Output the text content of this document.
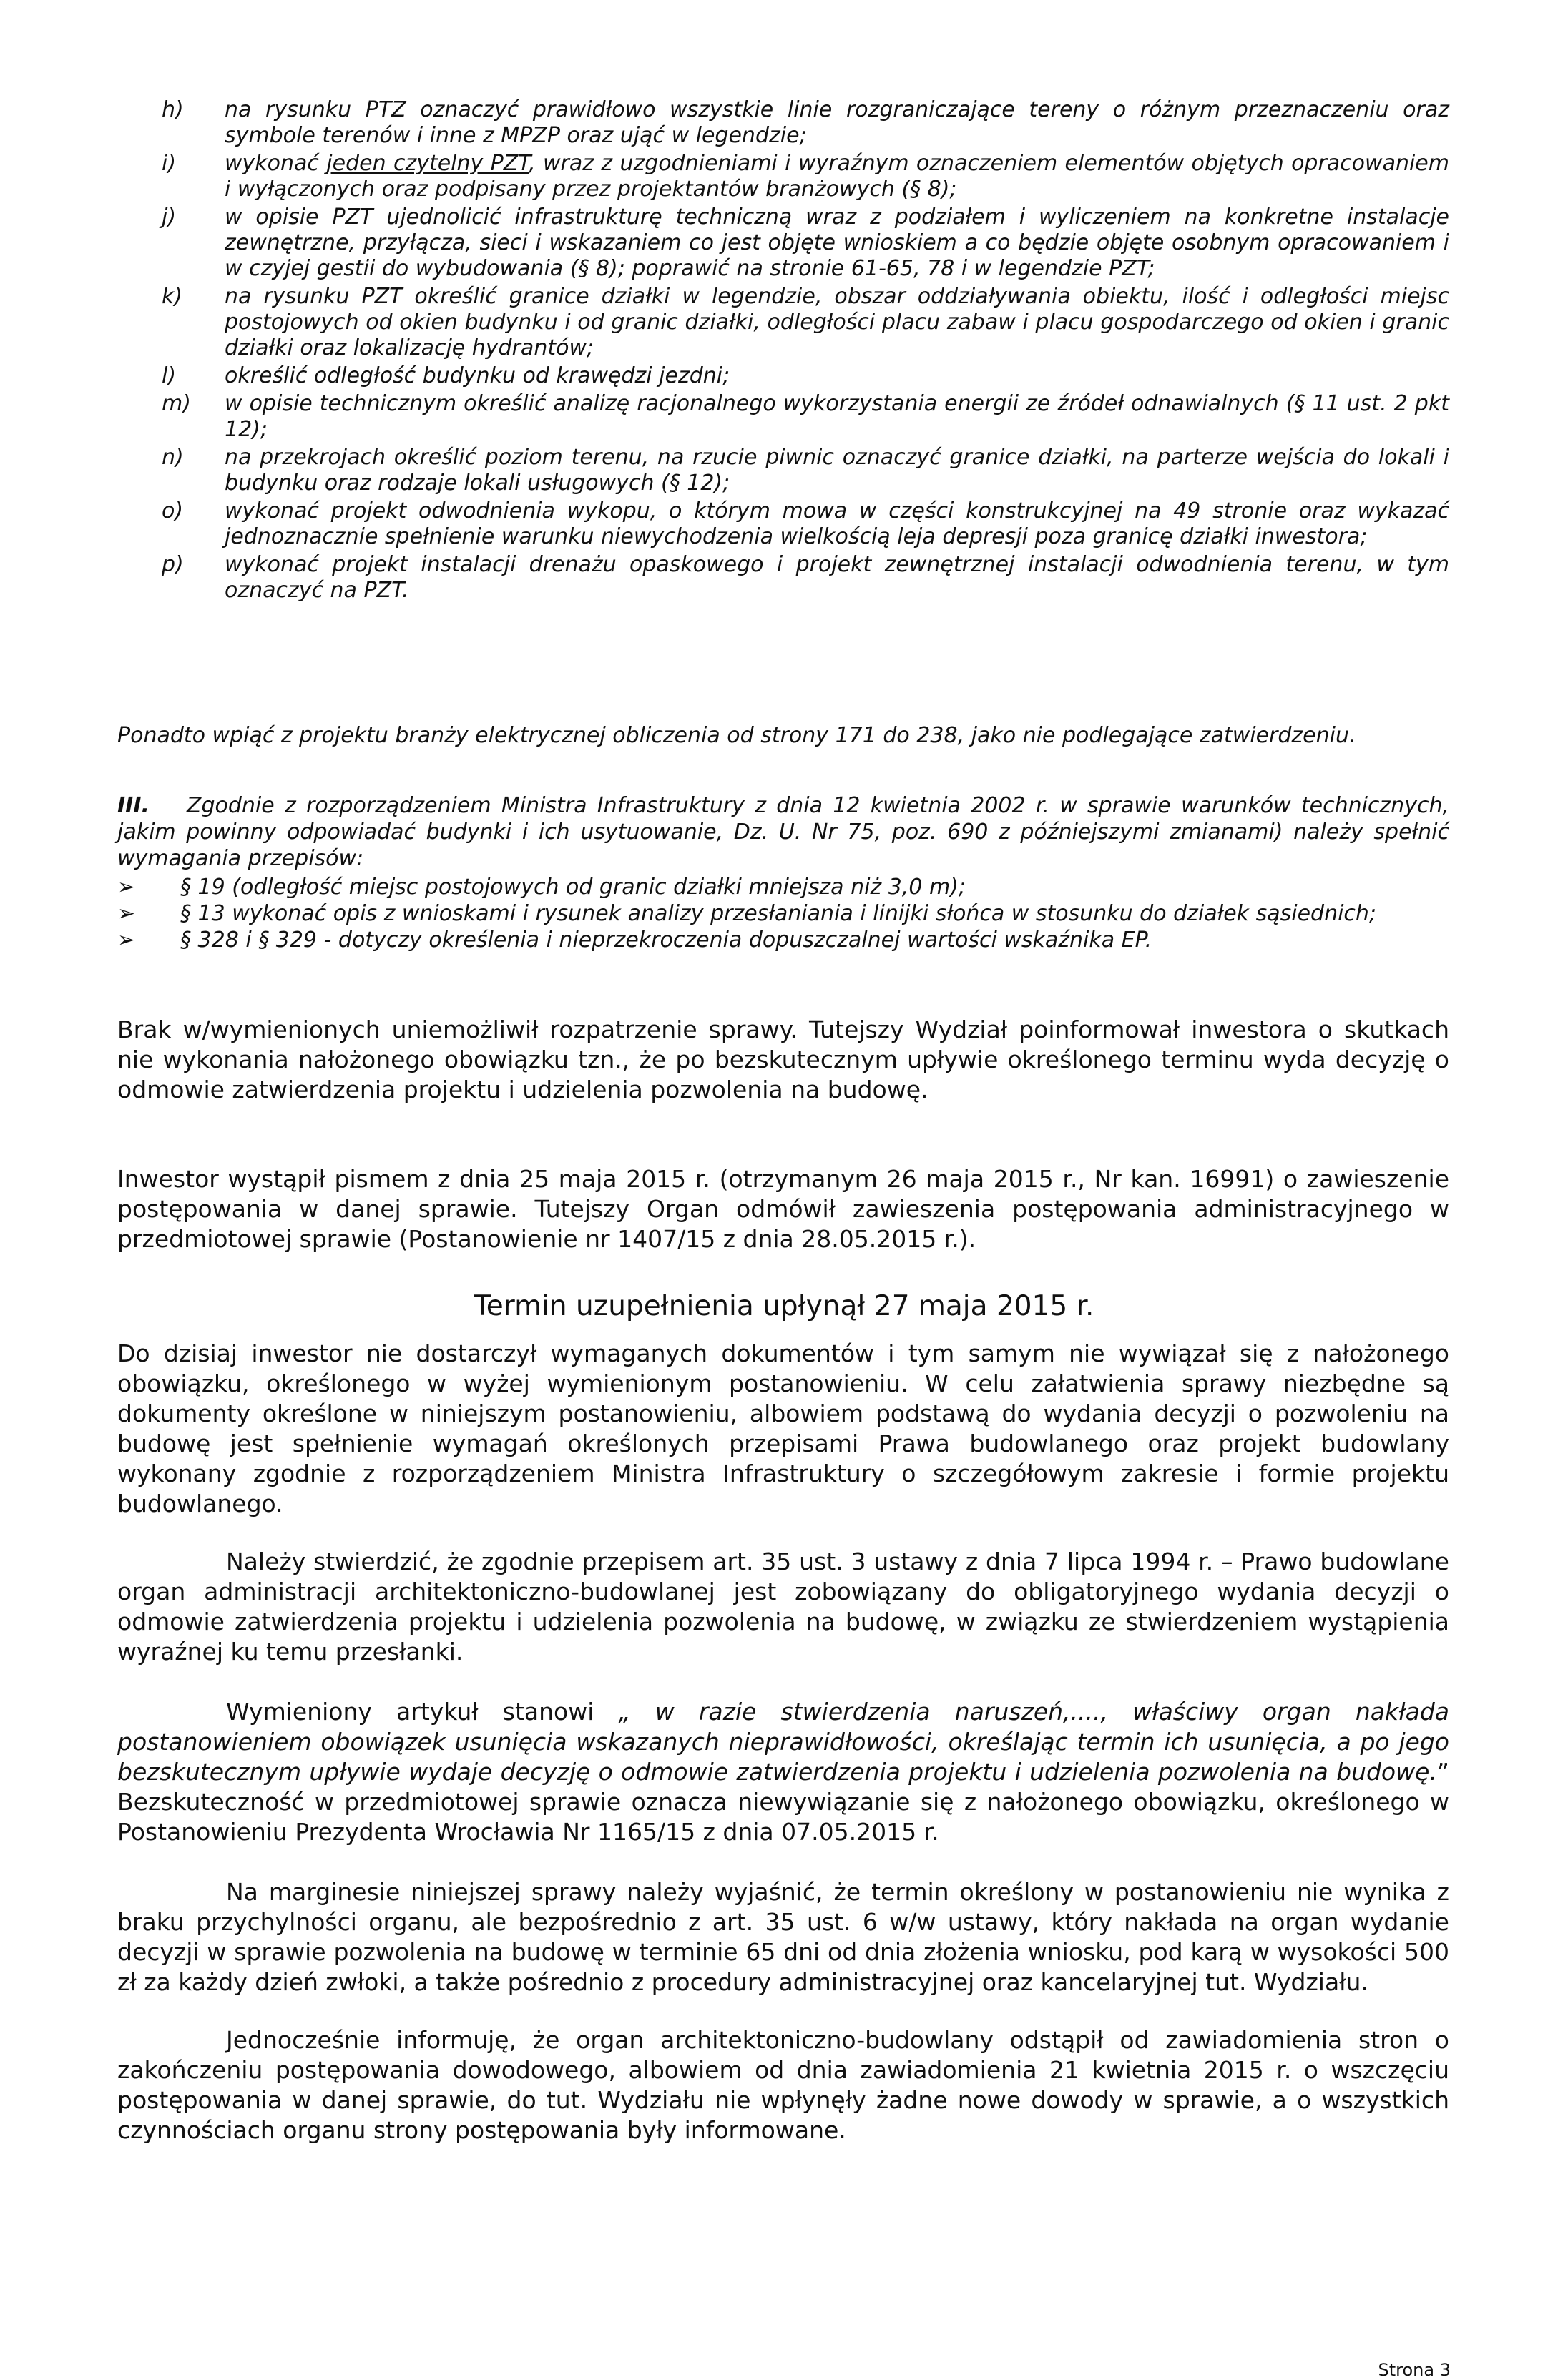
h) na rysunku PTZ oznaczyć prawidłowo wszystkie linie rozgraniczające tereny o różnym przeznaczeniu oraz symbole terenów i inne z MPZP oraz ująć w legendzie;
i) wykonać jeden czytelny PZT, wraz z uzgodnieniami i wyraźnym oznaczeniem elementów objętych opracowaniem i wyłączonych oraz podpisany przez projektantów branżowych (§ 8);
j) w opisie PZT ujednolicić infrastrukturę techniczną wraz z podziałem i wyliczeniem na konkretne instalacje zewnętrzne, przyłącza, sieci i wskazaniem co jest objęte wnioskiem a co będzie objęte osobnym opracowaniem i w czyjej gestii do wybudowania (§ 8); poprawić na stronie 61-65, 78 i w legendzie PZT;
k) na rysunku PZT określić granice działki w legendzie, obszar oddziaływania obiektu, ilość i odległości miejsc postojowych od okien budynku i od granic działki, odległości placu zabaw i placu gospodarczego od okien i granic działki oraz lokalizację hydrantów;
l) określić odległość budynku od krawędzi jezdni;
m) w opisie technicznym określić analizę racjonalnego wykorzystania energii ze źródeł odnawialnych (§ 11 ust. 2 pkt 12);
n) na przekrojach określić poziom terenu, na rzucie piwnic oznaczyć granice działki, na parterze wejścia do lokali i budynku oraz rodzaje lokali usługowych (§ 12);
o) wykonać projekt odwodnienia wykopu, o którym mowa w części konstrukcyjnej na 49 stronie oraz wykazać jednoznacznie spełnienie warunku niewychodzenia wielkością leja depresji poza granicę działki inwestora;
p) wykonać projekt instalacji drenażu opaskowego i projekt zewnętrznej instalacji odwodnienia terenu, w tym oznaczyć na PZT.
Ponadto wpiąć z projektu branży elektrycznej obliczenia od strony 171 do 238, jako nie podlegające zatwierdzeniu.
III. Zgodnie z rozporządzeniem Ministra Infrastruktury z dnia 12 kwietnia 2002 r. w sprawie warunków technicznych, jakim powinny odpowiadać budynki i ich usytuowanie, Dz. U. Nr 75, poz. 690 z późniejszymi zmianami) należy spełnić wymagania przepisów:
➢ § 19 (odległość miejsc postojowych od granic działki mniejsza niż 3,0 m);
➢ § 13 wykonać opis z wnioskami i rysunek analizy przesłaniania i linijki słońca w stosunku do działek sąsiednich;
➢ § 328 i § 329 - dotyczy określenia i nieprzekroczenia dopuszczalnej wartości wskaźnika EP.
Brak w/wymienionych uniemożliwił rozpatrzenie sprawy. Tutejszy Wydział poinformował inwestora o skutkach nie wykonania nałożonego obowiązku tzn., że po bezskutecznym upływie określonego terminu wyda decyzję o odmowie zatwierdzenia projektu i udzielenia pozwolenia na budowę.
Inwestor wystąpił pismem z dnia 25 maja 2015 r. (otrzymanym 26 maja 2015 r., Nr kan. 16991) o zawieszenie postępowania w danej sprawie. Tutejszy Organ odmówił zawieszenia postępowania administracyjnego w przedmiotowej sprawie (Postanowienie nr 1407/15 z dnia 28.05.2015 r.).
Termin uzupełnienia upłynął 27 maja 2015 r.
Do dzisiaj inwestor nie dostarczył wymaganych dokumentów i tym samym nie wywiązał się z nałożonego obowiązku, określonego w wyżej wymienionym postanowieniu. W celu załatwienia sprawy niezbędne są dokumenty określone w niniejszym postanowieniu, albowiem podstawą do wydania decyzji o pozwoleniu na budowę jest spełnienie wymagań określonych przepisami Prawa budowlanego oraz projekt budowlany wykonany zgodnie z rozporządzeniem Ministra Infrastruktury o szczegółowym zakresie i formie projektu budowlanego.
Należy stwierdzić, że zgodnie przepisem art. 35 ust. 3 ustawy z dnia 7 lipca 1994 r. – Prawo budowlane organ administracji architektoniczno-budowlanej jest zobowiązany do obligatoryjnego wydania decyzji o odmowie zatwierdzenia projektu i udzielenia pozwolenia na budowę, w związku ze stwierdzeniem wystąpienia wyraźnej ku temu przesłanki.
Wymieniony artykuł stanowi „ w razie stwierdzenia naruszeń,...., właściwy organ nakłada postanowieniem obowiązek usunięcia wskazanych nieprawidłowości, określając termin ich usunięcia, a po jego bezskutecznym upływie wydaje decyzję o odmowie zatwierdzenia projektu i udzielenia pozwolenia na budowę.” Bezskuteczność w przedmiotowej sprawie oznacza niewywiązanie się z nałożonego obowiązku, określonego w Postanowieniu Prezydenta Wrocławia Nr 1165/15 z dnia 07.05.2015 r.
Na marginesie niniejszej sprawy należy wyjaśnić, że termin określony w postanowieniu nie wynika z braku przychylności organu, ale bezpośrednio z art. 35 ust. 6 w/w ustawy, który nakłada na organ wydanie decyzji w sprawie pozwolenia na budowę w terminie 65 dni od dnia złożenia wniosku, pod karą w wysokości 500 zł za każdy dzień zwłoki, a także pośrednio z procedury administracyjnej oraz kancelaryjnej tut. Wydziału.
Jednocześnie informuję, że organ architektoniczno-budowlany odstąpił od zawiadomienia stron o zakończeniu postępowania dowodowego, albowiem od dnia zawiadomienia 21 kwietnia 2015 r. o wszczęciu postępowania w danej sprawie, do tut. Wydziału nie wpłynęły żadne nowe dowody w sprawie, a o wszystkich czynnościach organu strony postępowania były informowane.
Strona 3
